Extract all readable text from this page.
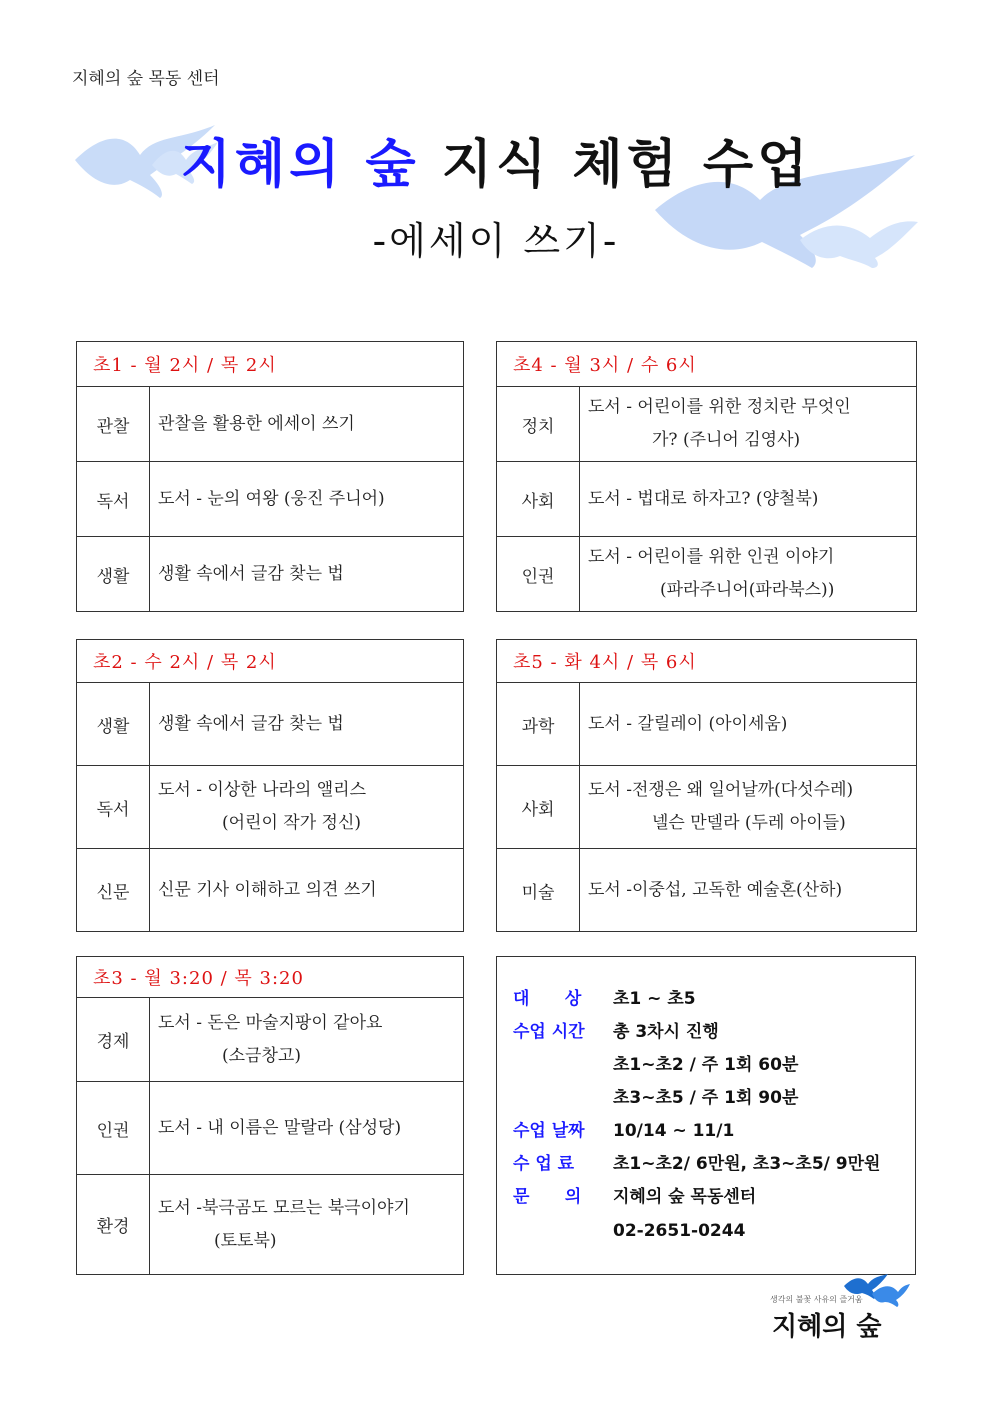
지혜의 숲 목동 센터
지혜의 숲 지식 체험 수업
-에세이 쓰기-
초1 - 월 2시 / 목 2시	
관찰	관찰을 활용한 에세이 쓰기
독서	도서 - 눈의 여왕 (웅진 주니어)
생활	생활 속에서 글감 찾는 법
초4 - 월 3시 / 수 6시	
정치	도서 - 어린이를 위한 정치란 무엇인
가? (주니어 김영사)

사회	도서 - 법대로 하자고? (양철북)
인권	도서 - 어린이를 위한 인권 이야기
(파라주니어(파라북스))
초2 - 수 2시 / 목 2시	
생활	생활 속에서 글감 찾는 법
독서	도서 - 이상한 나라의 앨리스
(어린이 작가 정신)

신문	신문 기사 이해하고 의견 쓰기
초5 - 화 4시 / 목 6시	
과학	도서 - 갈릴레이 (아이세움)
사회	도서 -전쟁은 왜 일어날까(다섯수레)
넬슨 만델라 (두레 아이들)

미술	도서 -이중섭, 고독한 예술혼(산하)
초3 - 월 3:20 / 목 3:20	
경제	도서 - 돈은 마술지팡이 같아요
(소금창고)

인권	도서 - 내 이름은 말랄라 (삼성당)
환경	도서 -북극곰도 모르는 북극이야기
(토토북)
대      상	초1 ~ 초5
수업 시간	총 3차시 진행
초1~초2 / 주 1회 60분
초3~초5 / 주 1회 90분
수업 날짜	10/14 ~ 11/1
수 업 료	초1~초2/ 6만원, 초3~초5/ 9만원
문      의	지혜의 숲 목동센터
02-2651-0244
생각의 불꽃 사유의 즐거움
지혜의 숲
